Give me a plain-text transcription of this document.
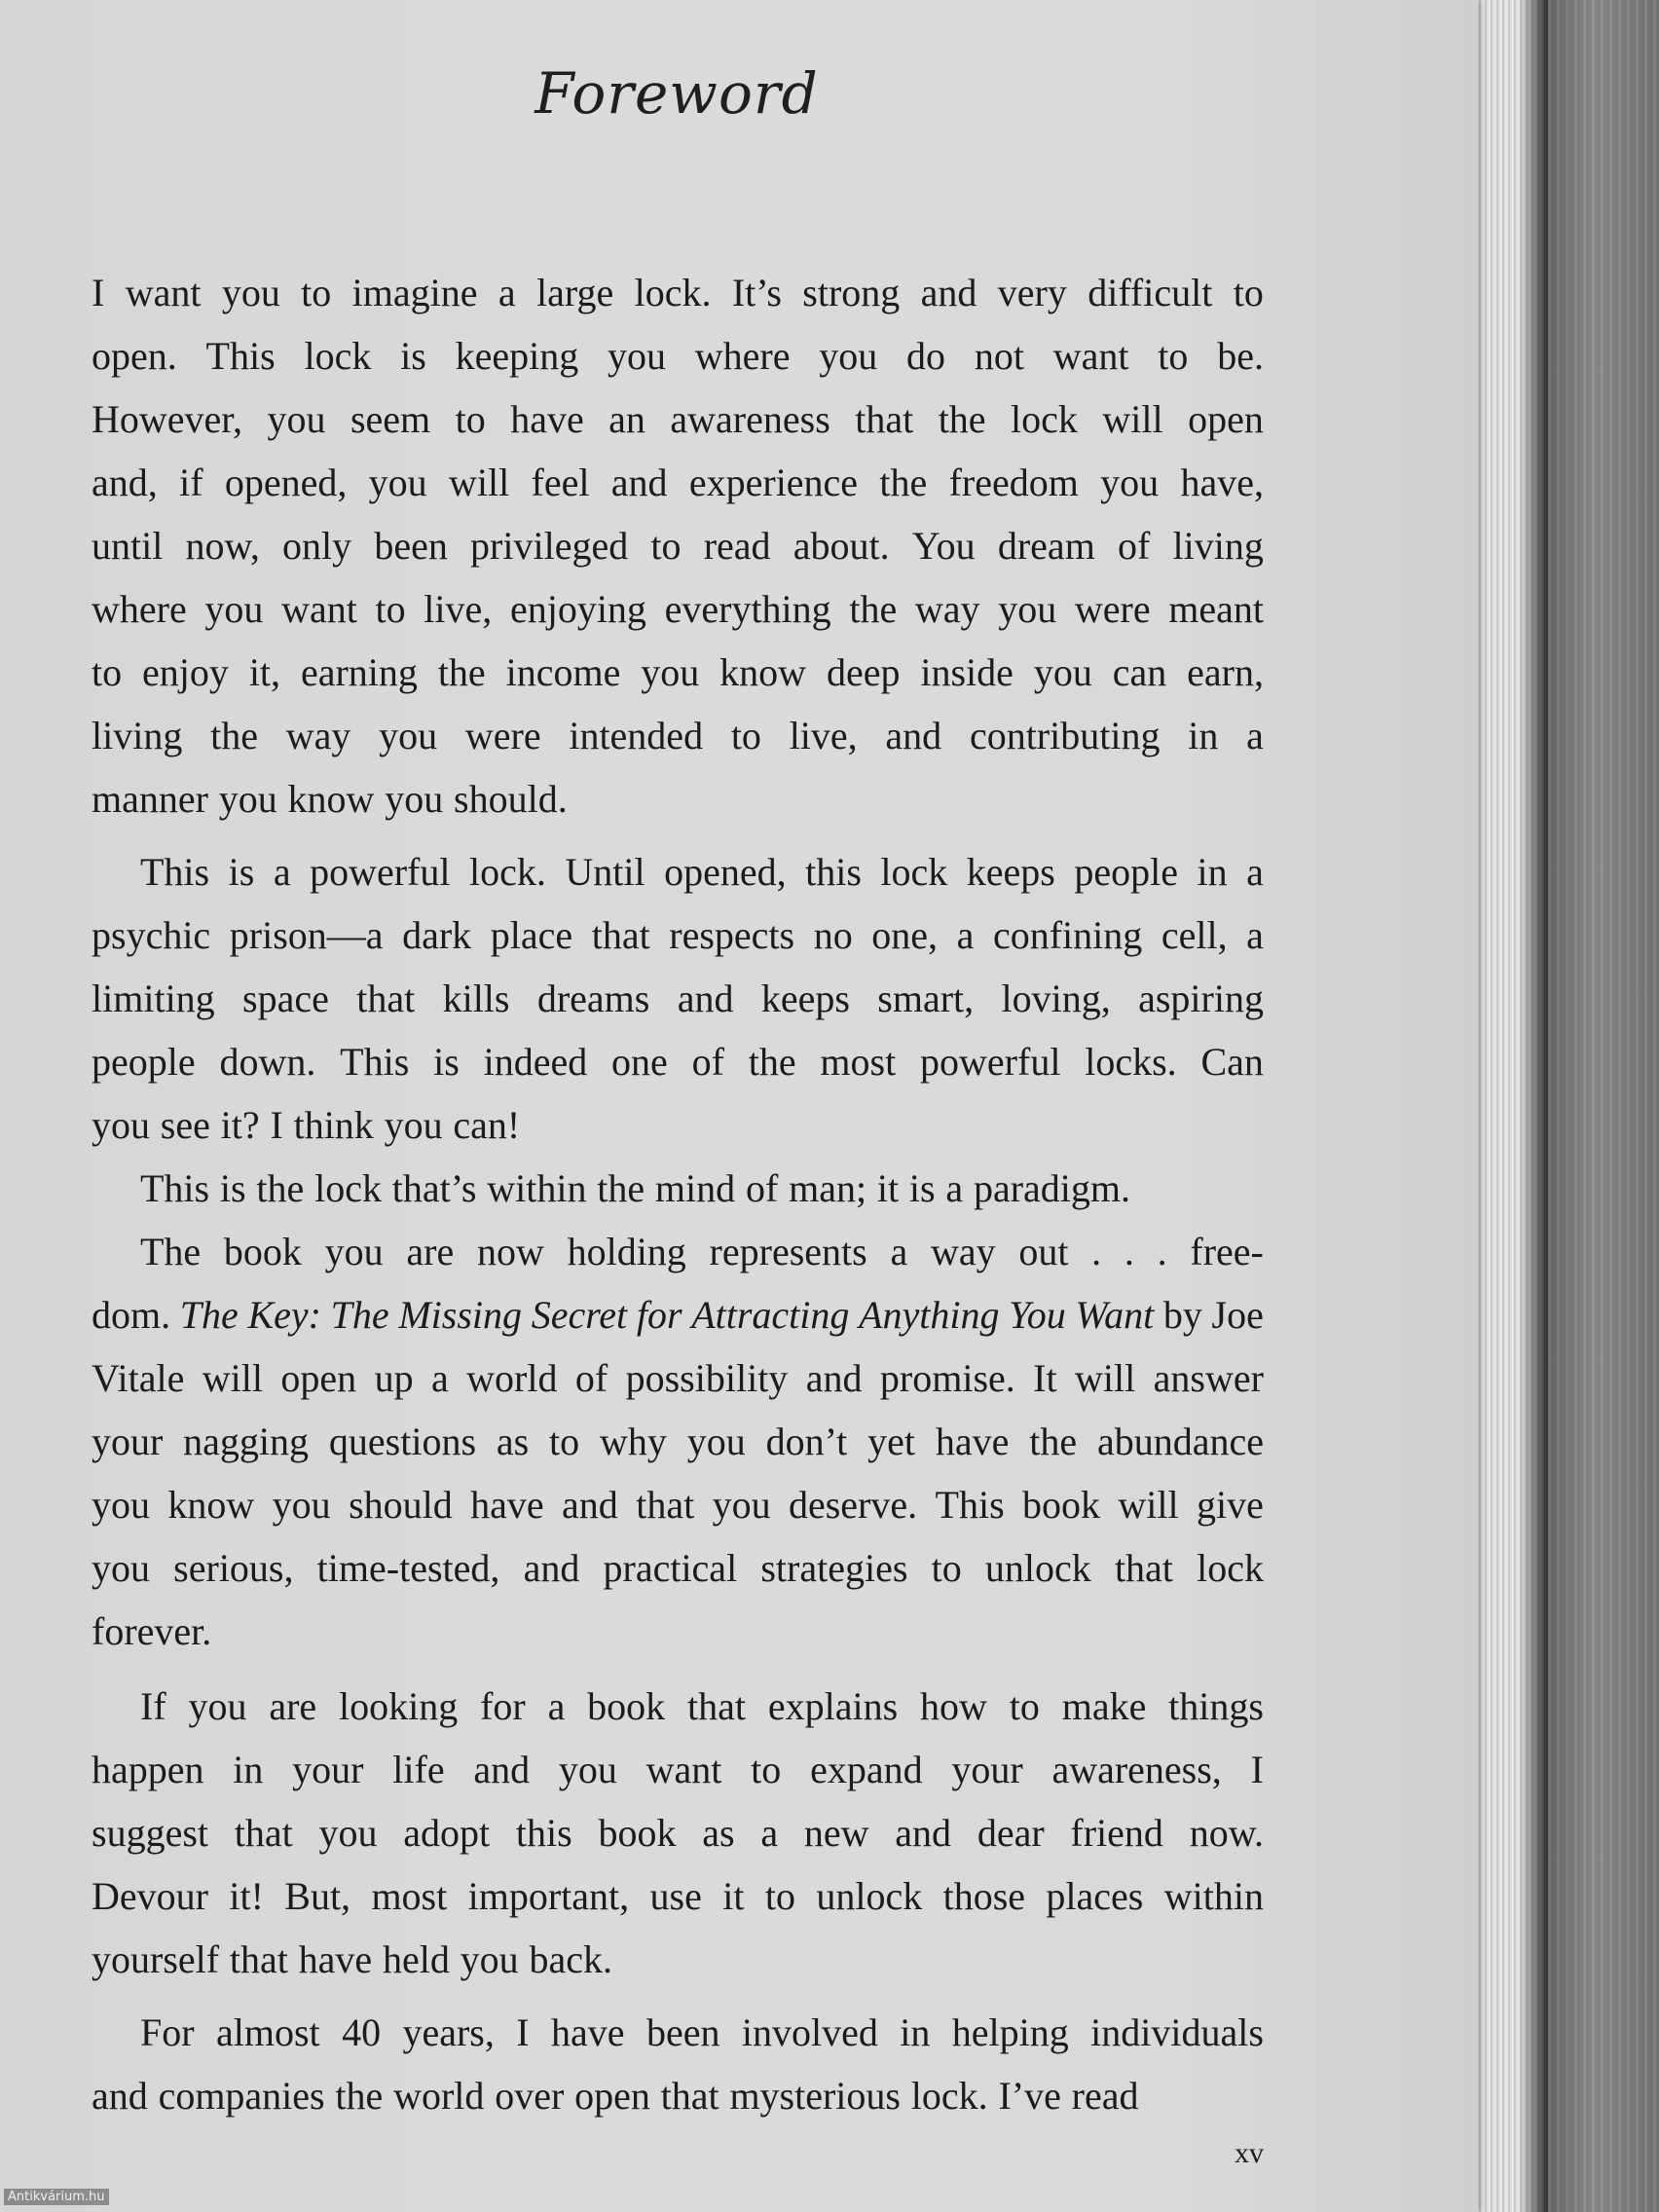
Foreword
I want you to imagine a large lock. It’s strong and very difficult to
open. This lock is keeping you where you do not want to be.
However, you seem to have an awareness that the lock will open
and, if opened, you will feel and experience the freedom you have,
until now, only been privileged to read about. You dream of living
where you want to live, enjoying everything the way you were meant
to enjoy it, earning the income you know deep inside you can earn,
living the way you were intended to live, and contributing in a
manner you know you should.
This is a powerful lock. Until opened, this lock keeps people in a
psychic prison—a dark place that respects no one, a confining cell, a
limiting space that kills dreams and keeps smart, loving, aspiring
people down. This is indeed one of the most powerful locks. Can
you see it? I think you can!
This is the lock that’s within the mind of man; it is a paradigm.
The book you are now holding represents a way out . . . free-
dom. The Key: The Missing Secret for Attracting Anything You Want by Joe
Vitale will open up a world of possibility and promise. It will answer
your nagging questions as to why you don’t yet have the abundance
you know you should have and that you deserve. This book will give
you serious, time-tested, and practical strategies to unlock that lock
forever.
If you are looking for a book that explains how to make things
happen in your life and you want to expand your awareness, I
suggest that you adopt this book as a new and dear friend now.
Devour it! But, most important, use it to unlock those places within
yourself that have held you back.
For almost 40 years, I have been involved in helping individuals
and companies the world over open that mysterious lock. I’ve read
xv
Antikvárium.hu
